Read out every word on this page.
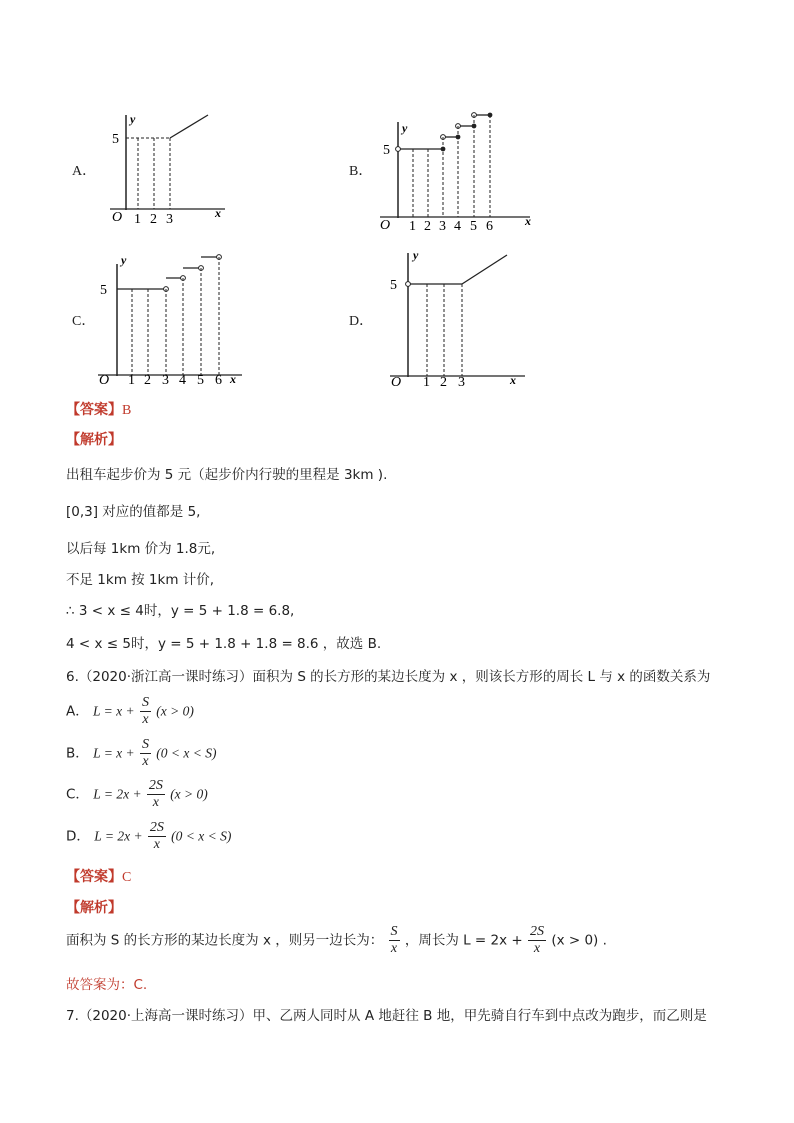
A．
y
x
O
5
1 2 3
B．
y
x
O
5
1 2 3 4 5 6
C．
y
x
O
5
1 2 3 4 5 6
D．
y
x
O
5
1 2 3
【答案】B
【解析】
出租车起步价为 5 元（起步价内行驶的里程是 3km ).
[0,3] 对应的值都是 5,
以后每 1km 价为 1.8元,
不足 1km 按 1km 计价,
∴ 3 < x ≤ 4时，y = 5 + 1.8 = 6.8,
4 < x ≤ 5时，y = 5 + 1.8 + 1.8 = 8.6 ，故选 B.
6.（2020·浙江高一课时练习）面积为 S 的长方形的某边长度为 x ，则该长方形的周长 L 与 x 的函数关系为
A． $L = x + \frac{S}{x} (x > 0)$
B． $L = x + \frac{S}{x} (0 < x < S)$
C． $L = 2x + \frac{2S}{x} (x > 0)$
D． $L = 2x + \frac{2S}{x} (0 < x < S)$
【答案】C
【解析】
面积为 S 的长方形的某边长度为 x ，则另一边长为： $\frac{S}{x}$ ，周长为 $L = 2x + \frac{2S}{x} (x > 0)$ .
故答案为：C.
7.（2020·上海高一课时练习）甲、乙两人同时从 A 地赶往 B 地，甲先骑自行车到中点改为跑步，而乙则是
